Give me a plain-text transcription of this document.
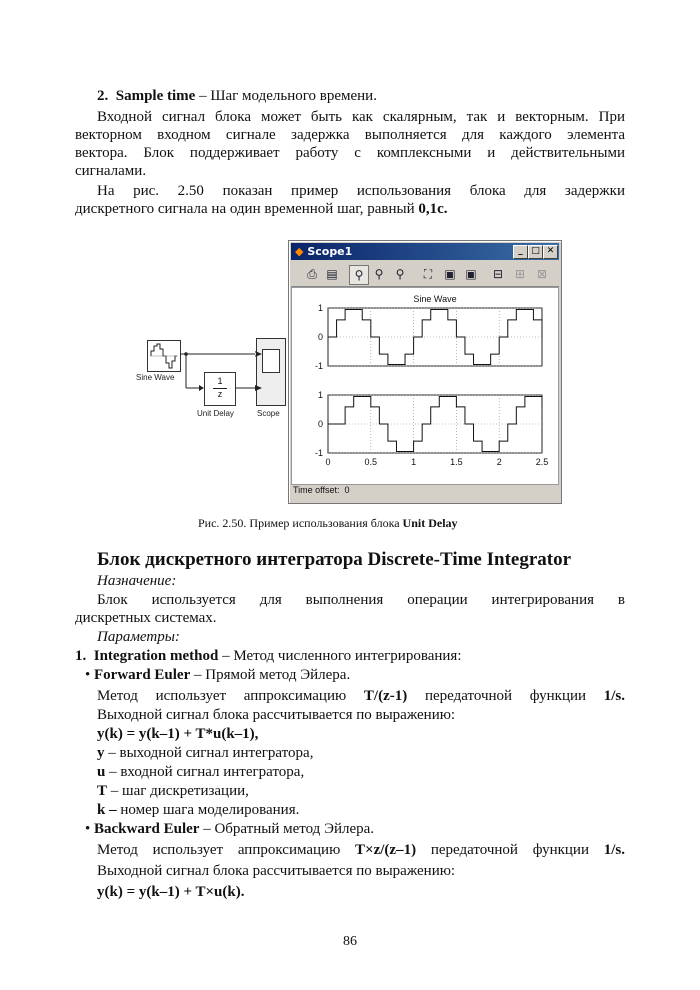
2. Sample time – Шаг модельного времени.

Входной сигнал блока может быть как скалярным, так и векторным. При

векторном входном сигнале задержка выполняется для каждого элемента

вектора. Блок поддерживает работу с комплексными и действительными

сигналами.

На рис. 2.50 показан пример использования блока для задержки

дискретного сигнала на один временной шаг, равный 0,1с.

Sine Wave	1
z
Unit Delay	Scope
◆ Scope1	_ □ ✕
⎙ ▤	⚲ ⚲	⚲	⛶	▣ ▣	⊟ ⊞ ⊠
Sine Wave
1
0
-1
1
0
-1
0	0.5	1	1.5	2	2.5
Time offset: 0

Рис. 2.50. Пример использования блока Unit Delay

Блок дискретного интегратора Discrete-Time Integrator

Назначение:

Блок используется для выполнения операции интегрирования в

дискретных системах.

Параметры:

1. Integration method – Метод численного интегрирования:

• Forward Euler – Прямой метод Эйлера.

Метод использует аппроксимацию T/(z-1) передаточной функции 1/s.

Выходной сигнал блока рассчитывается по выражению:

y(k) = y(k–1) + T*u(k–1),

y – выходной сигнал интегратора,

u – входной сигнал интегратора,

T – шаг дискретизации,

k – номер шага моделирования.

• Backward Euler – Обратный метод Эйлера.

Метод использует аппроксимацию T×z/(z–1) передаточной функции 1/s.

Выходной сигнал блока рассчитывается по выражению:

y(k) = y(k–1) + T×u(k).

86
